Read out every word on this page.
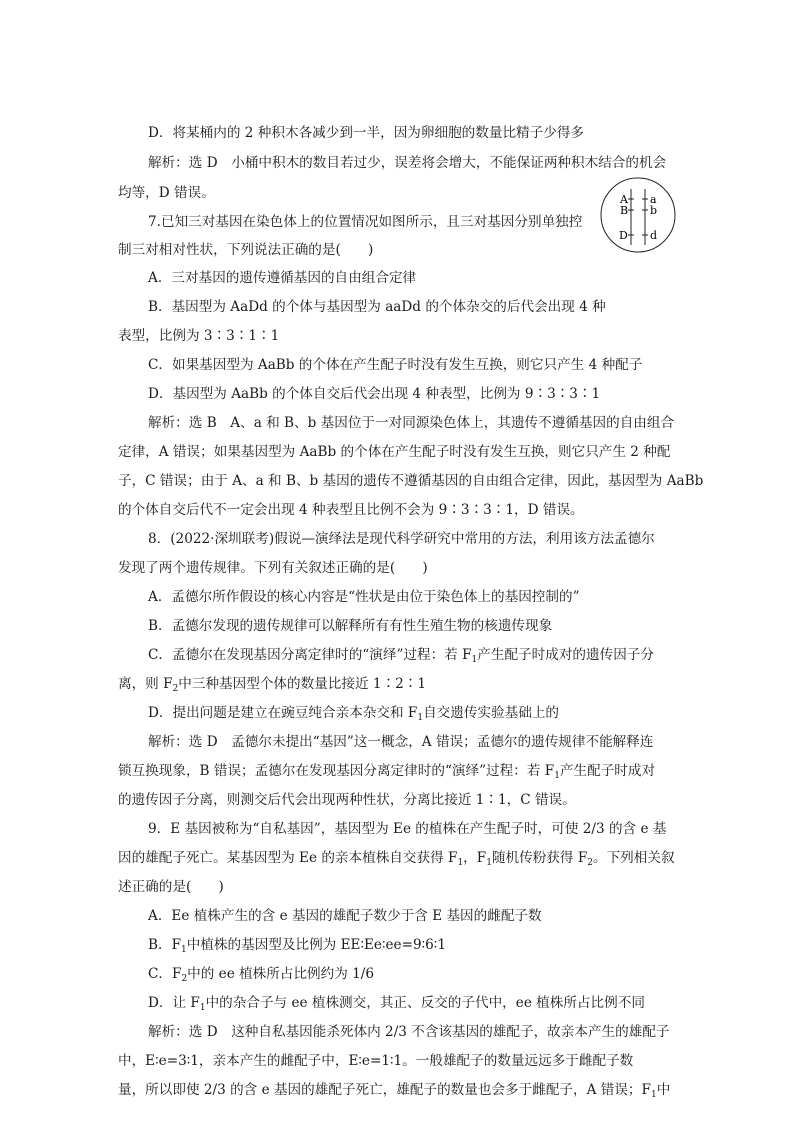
D．将某桶内的 2 种积木各减少到一半，因为卵细胞的数量比精子少得多
解析：选 D　小桶中积木的数目若过少，误差将会增大，不能保证两种积木结合的机会
均等，D 错误。
7.已知三对基因在染色体上的位置情况如图所示，且三对基因分别单独控
制三对相对性状，下列说法正确的是(　　)
A．三对基因的遗传遵循基因的自由组合定律
B．基因型为 AaDd 的个体与基因型为 aaDd 的个体杂交的后代会出现 4 种
表型，比例为 3∶3∶1∶1
C．如果基因型为 AaBb 的个体在产生配子时没有发生互换，则它只产生 4 种配子
D．基因型为 AaBb 的个体自交后代会出现 4 种表型，比例为 9∶3∶3∶1
解析：选 B　A、a 和 B、b 基因位于一对同源染色体上，其遗传不遵循基因的自由组合
定律，A 错误；如果基因型为 AaBb 的个体在产生配子时没有发生互换，则它只产生 2 种配
子，C 错误；由于 A、a 和 B、b 基因的遗传不遵循基因的自由组合定律，因此，基因型为 AaBb
的个体自交后代不一定会出现 4 种表型且比例不会为 9∶3∶3∶1，D 错误。
8．(2022·深圳联考)假说—演绎法是现代科学研究中常用的方法，利用该方法孟德尔
发现了两个遗传规律。下列有关叙述正确的是(　　)
A．孟德尔所作假设的核心内容是“性状是由位于染色体上的基因控制的”
B．孟德尔发现的遗传规律可以解释所有有性生殖生物的核遗传现象
C．孟德尔在发现基因分离定律时的“演绎”过程：若 $F_1$产生配子时成对的遗传因子分
离，则 $F_2$中三种基因型个体的数量比接近 1∶2∶1
D．提出问题是建立在豌豆纯合亲本杂交和 $F_1$自交遗传实验基础上的
解析：选 D　孟德尔未提出“基因”这一概念，A 错误；孟德尔的遗传规律不能解释连
锁互换现象，B 错误；孟德尔在发现基因分离定律时的“演绎”过程：若 $F_1$产生配子时成对
的遗传因子分离，则测交后代会出现两种性状，分离比接近 1∶1，C 错误。
9．E 基因被称为“自私基因”，基因型为 Ee 的植株在产生配子时，可使 2/3 的含 e 基
因的雄配子死亡。某基因型为 Ee 的亲本植株自交获得 $F_1$，$F_1$随机传粉获得 $F_2$。下列相关叙
述正确的是(　　)
A．Ee 植株产生的含 e 基因的雄配子数少于含 E 基因的雌配子数
B．$F_1$中植株的基因型及比例为 EE∶Ee∶ee=9∶6∶1
C．$F_2$中的 ee 植株所占比例约为 1/6
D．让 $F_1$中的杂合子与 ee 植株测交，其正、反交的子代中，ee 植株所占比例不同
解析：选 D　这种自私基因能杀死体内 2/3 不含该基因的雄配子，故亲本产生的雄配子
中，E∶e=3∶1，亲本产生的雌配子中，E∶e=1∶1。一般雄配子的数量远远多于雌配子数
量，所以即使 2/3 的含 e 基因的雄配子死亡，雄配子的数量也会多于雌配子，A 错误；$F_1$中
A a
B b
D d
